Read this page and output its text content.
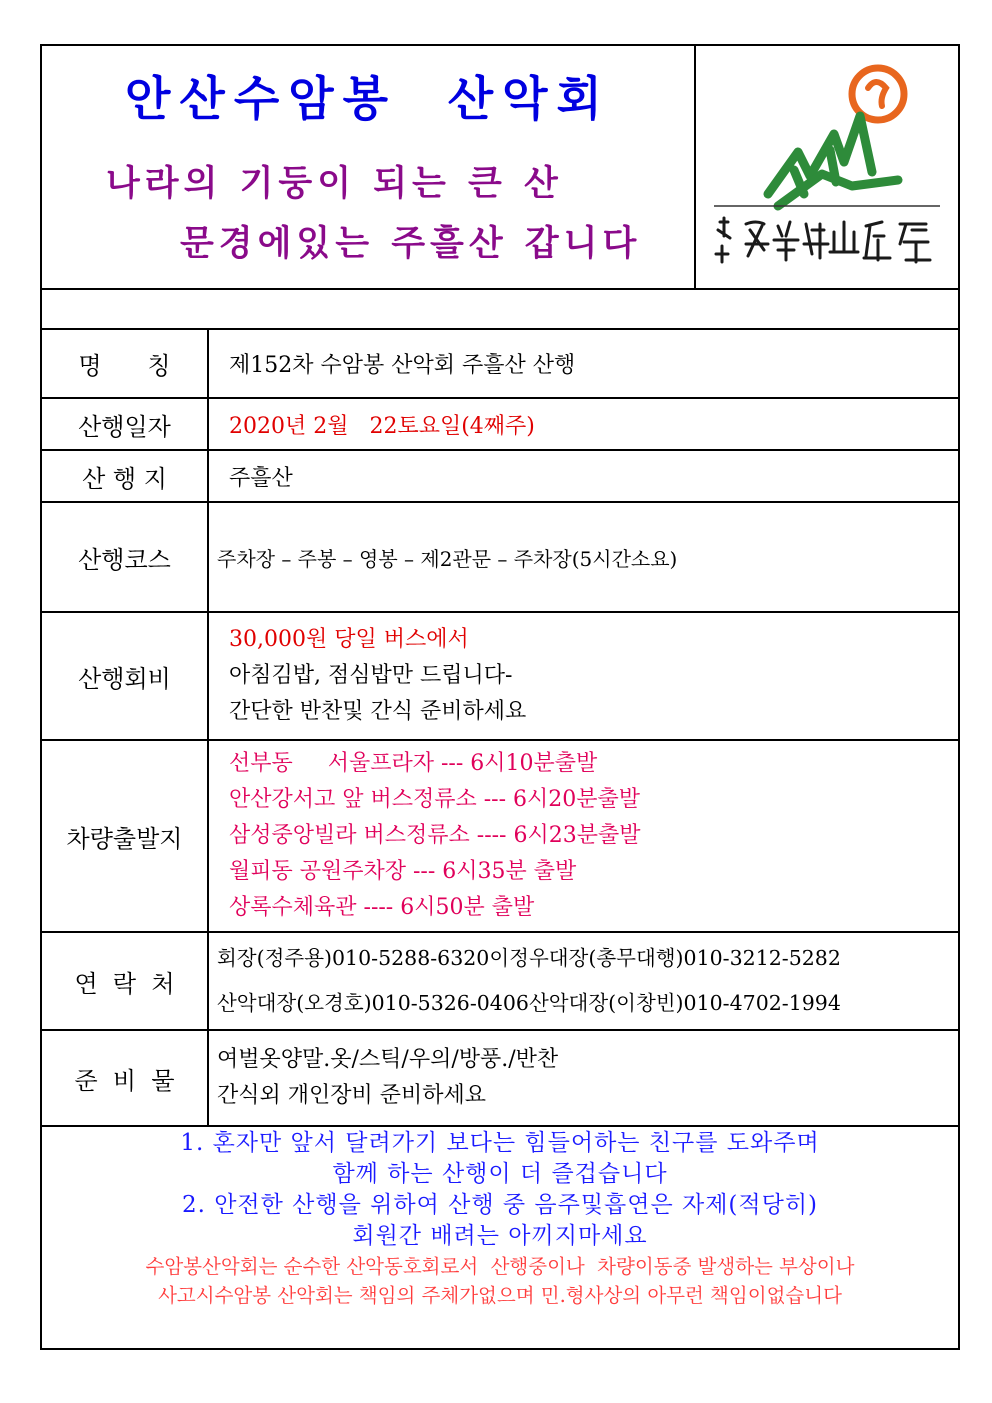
안산수암봉  산악회
나라의 기둥이 되는 큰 산
문경에있는 주흘산 갑니다
명      칭	제152차 수암봉 산악회 주흘산 산행
산행일자	2020년 2월   22토요일(4째주)
산 행 지	주흘산
산행코스	주차장 – 주봉 – 영봉 – 제2관문 – 주차장(5시간소요)
산행회비	30,000원 당일 버스에서
아침김밥, 점심밥만 드립니다-
간단한 반찬및 간식 준비하세요

차량출발지	선부동     서울프라자 --- 6시10분출발
안산강서고 앞 버스정류소 --- 6시20분출발
삼성중앙빌라 버스정류소 ---- 6시23분출발
월피동 공원주차장 --- 6시35분 출발
상록수체육관 ---- 6시50분 출발

연  락  처	회장(정주용)010-5288-6320이정우대장(총무대행)010-3212-5282
산악대장(오경호)010-5326-0406산악대장(이창빈)010-4702-1994

준  비  물	여벌옷양말.옷/스틱/우의/방풍./반찬
간식외 개인장비 준비하세요
1. 혼자만 앞서 달려가기 보다는 힘들어하는 친구를 도와주며
함께 하는 산행이 더 즐겁습니다
2. 안전한 산행을 위하여 산행 중 음주및흡연은 자제(적당히)
회원간 배려는 아끼지마세요
수암봉산악회는 순수한 산악동호회로서  산행중이나  차량이동중 발생하는 부상이나
사고시수암봉 산악회는 책임의 주체가없으며 민.형사상의 아무런 책임이없습니다
